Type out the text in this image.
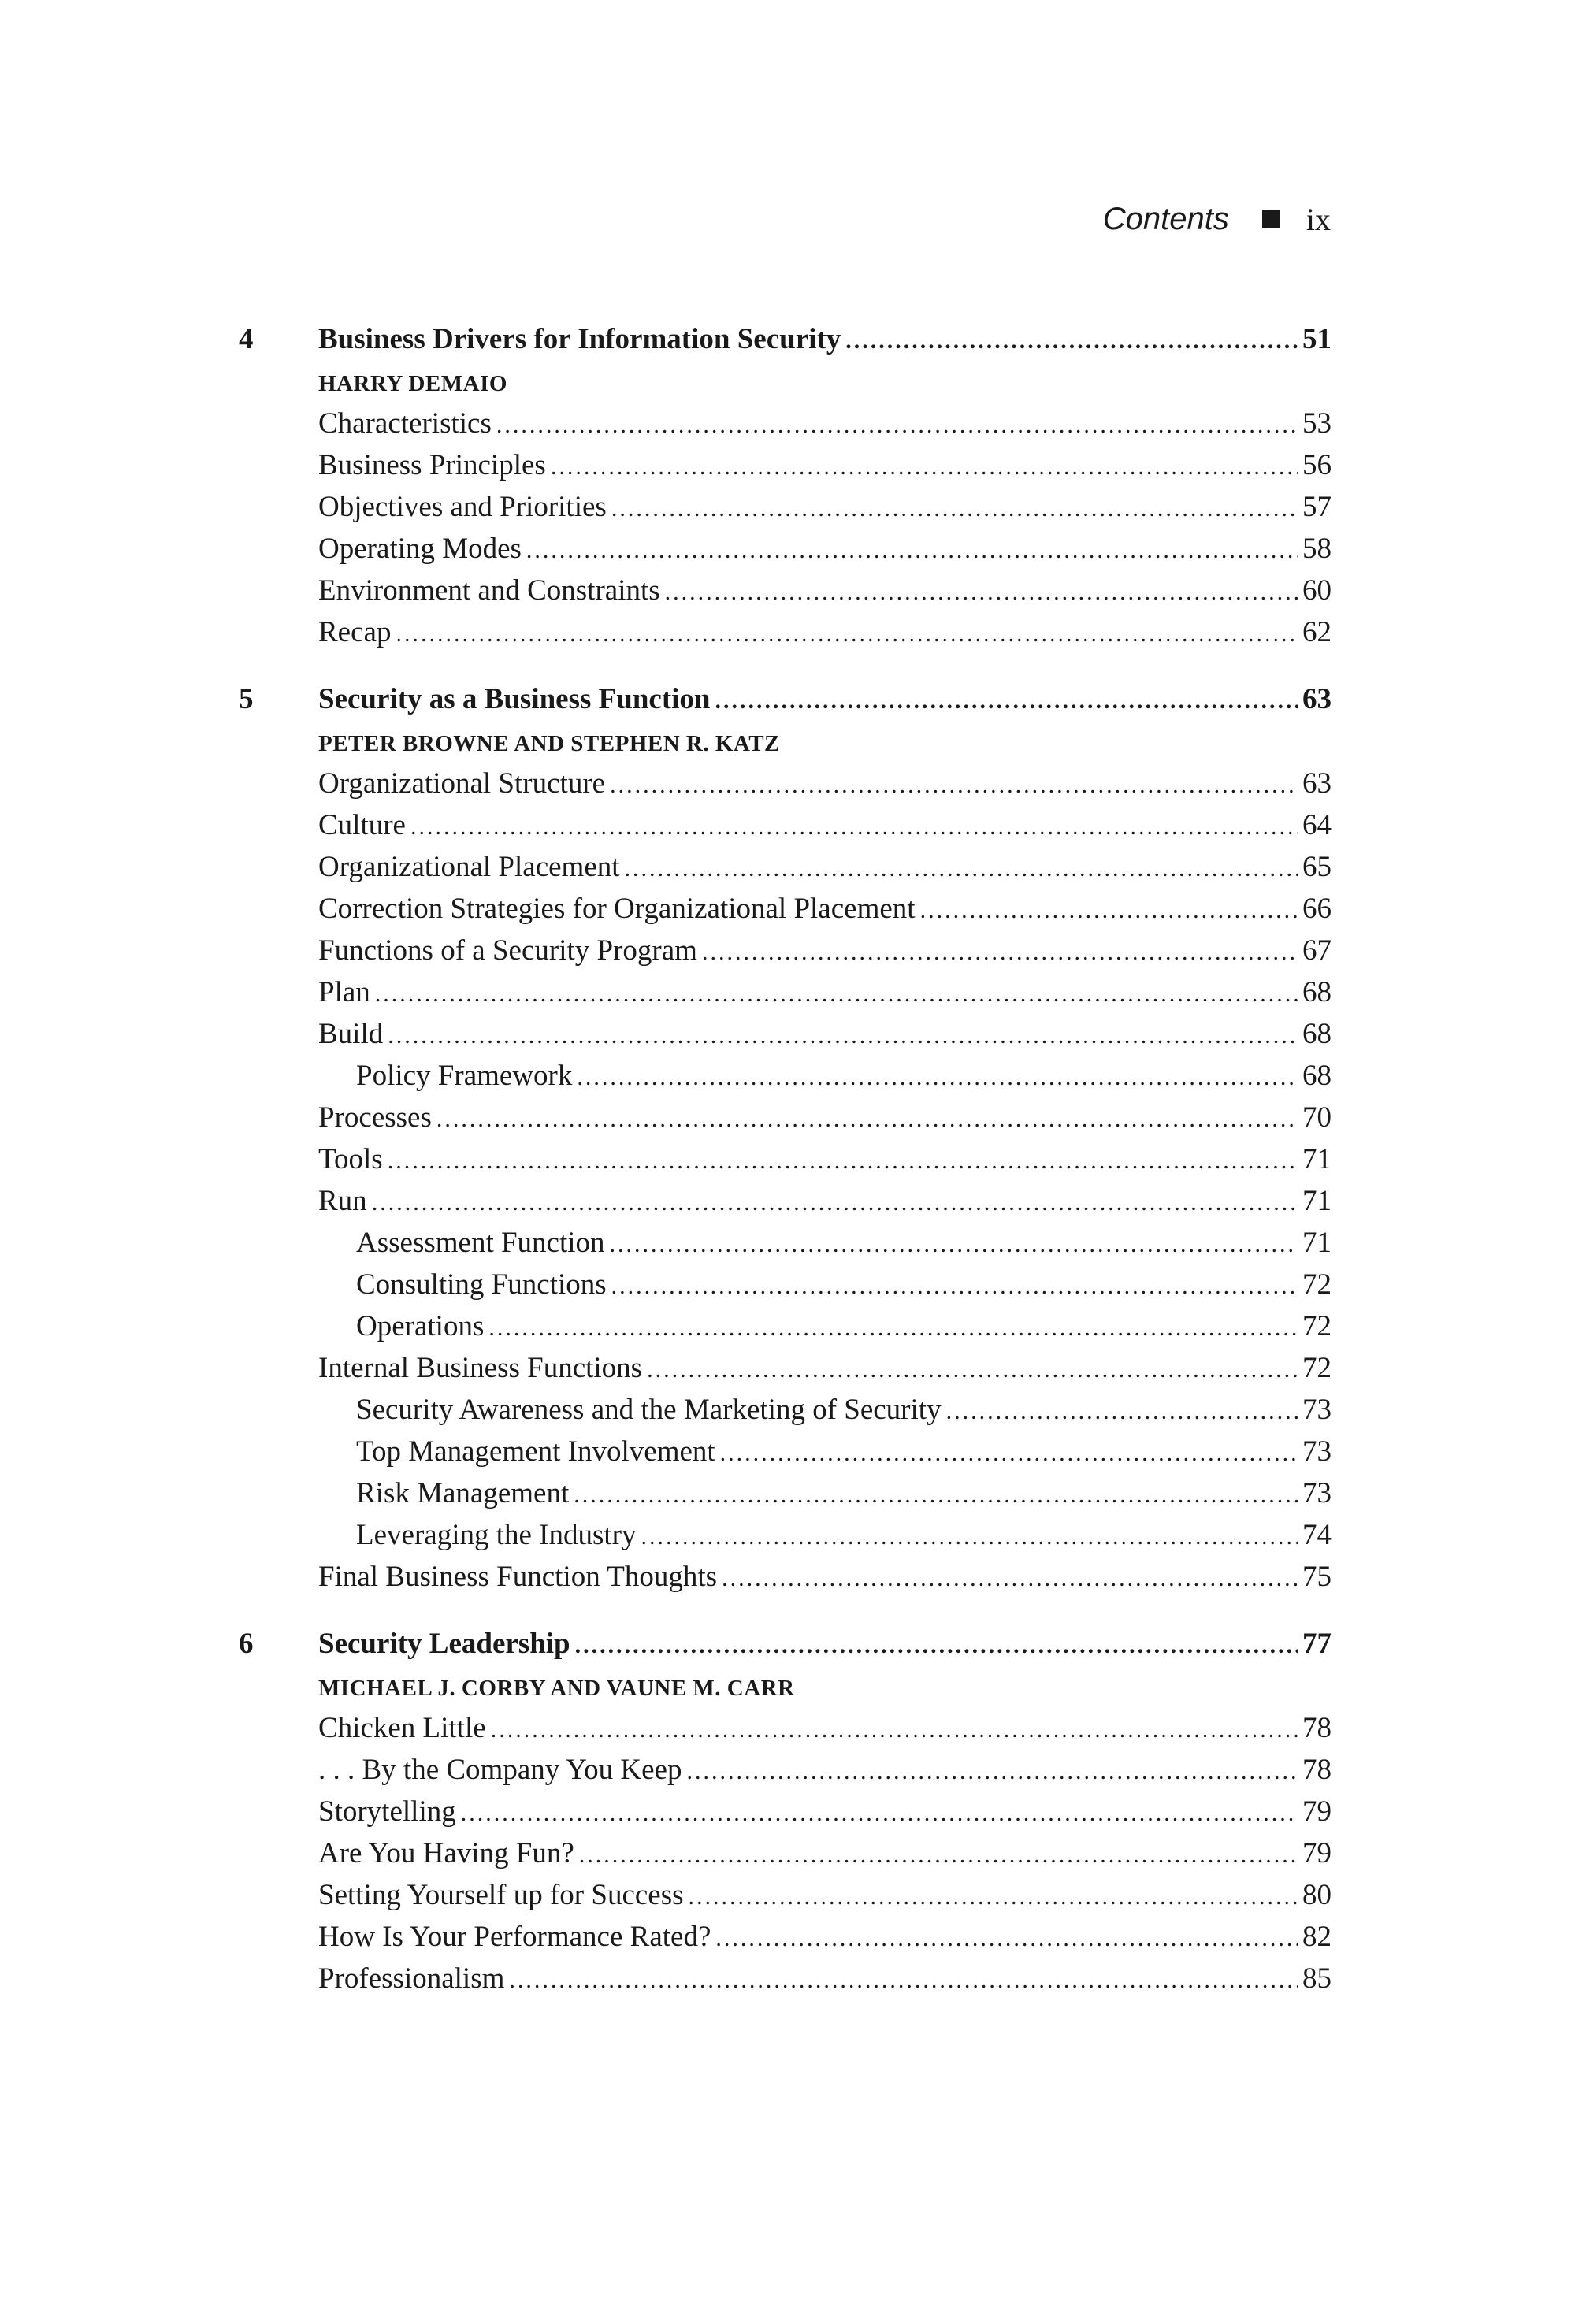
Contents ix
4	Business Drivers for Information Security .....	51
HARRY DEMAIO
Characteristics .....	53
Business Principles .....	56
Objectives and Priorities .....	57
Operating Modes .....	58
Environment and Constraints .....	60
Recap .....	62
5	Security as a Business Function .....	63
PETER BROWNE AND STEPHEN R. KATZ
Organizational Structure .....	63
Culture .....	64
Organizational Placement .....	65
Correction Strategies for Organizational Placement .....	66
Functions of a Security Program .....	67
Plan .....	68
Build .....	68
Policy Framework .....	68
Processes .....	70
Tools .....	71
Run .....	71
Assessment Function .....	71
Consulting Functions .....	72
Operations .....	72
Internal Business Functions .....	72
Security Awareness and the Marketing of Security .....	73
Top Management Involvement .....	73
Risk Management .....	73
Leveraging the Industry .....	74
Final Business Function Thoughts .....	75
6	Security Leadership .....	77
MICHAEL J. CORBY AND VAUNE M. CARR
Chicken Little .....	78
. . . By the Company You Keep .....	78
Storytelling .....	79
Are You Having Fun? .....	79
Setting Yourself up for Success .....	80
How Is Your Performance Rated? .....	82
Professionalism .....	85
